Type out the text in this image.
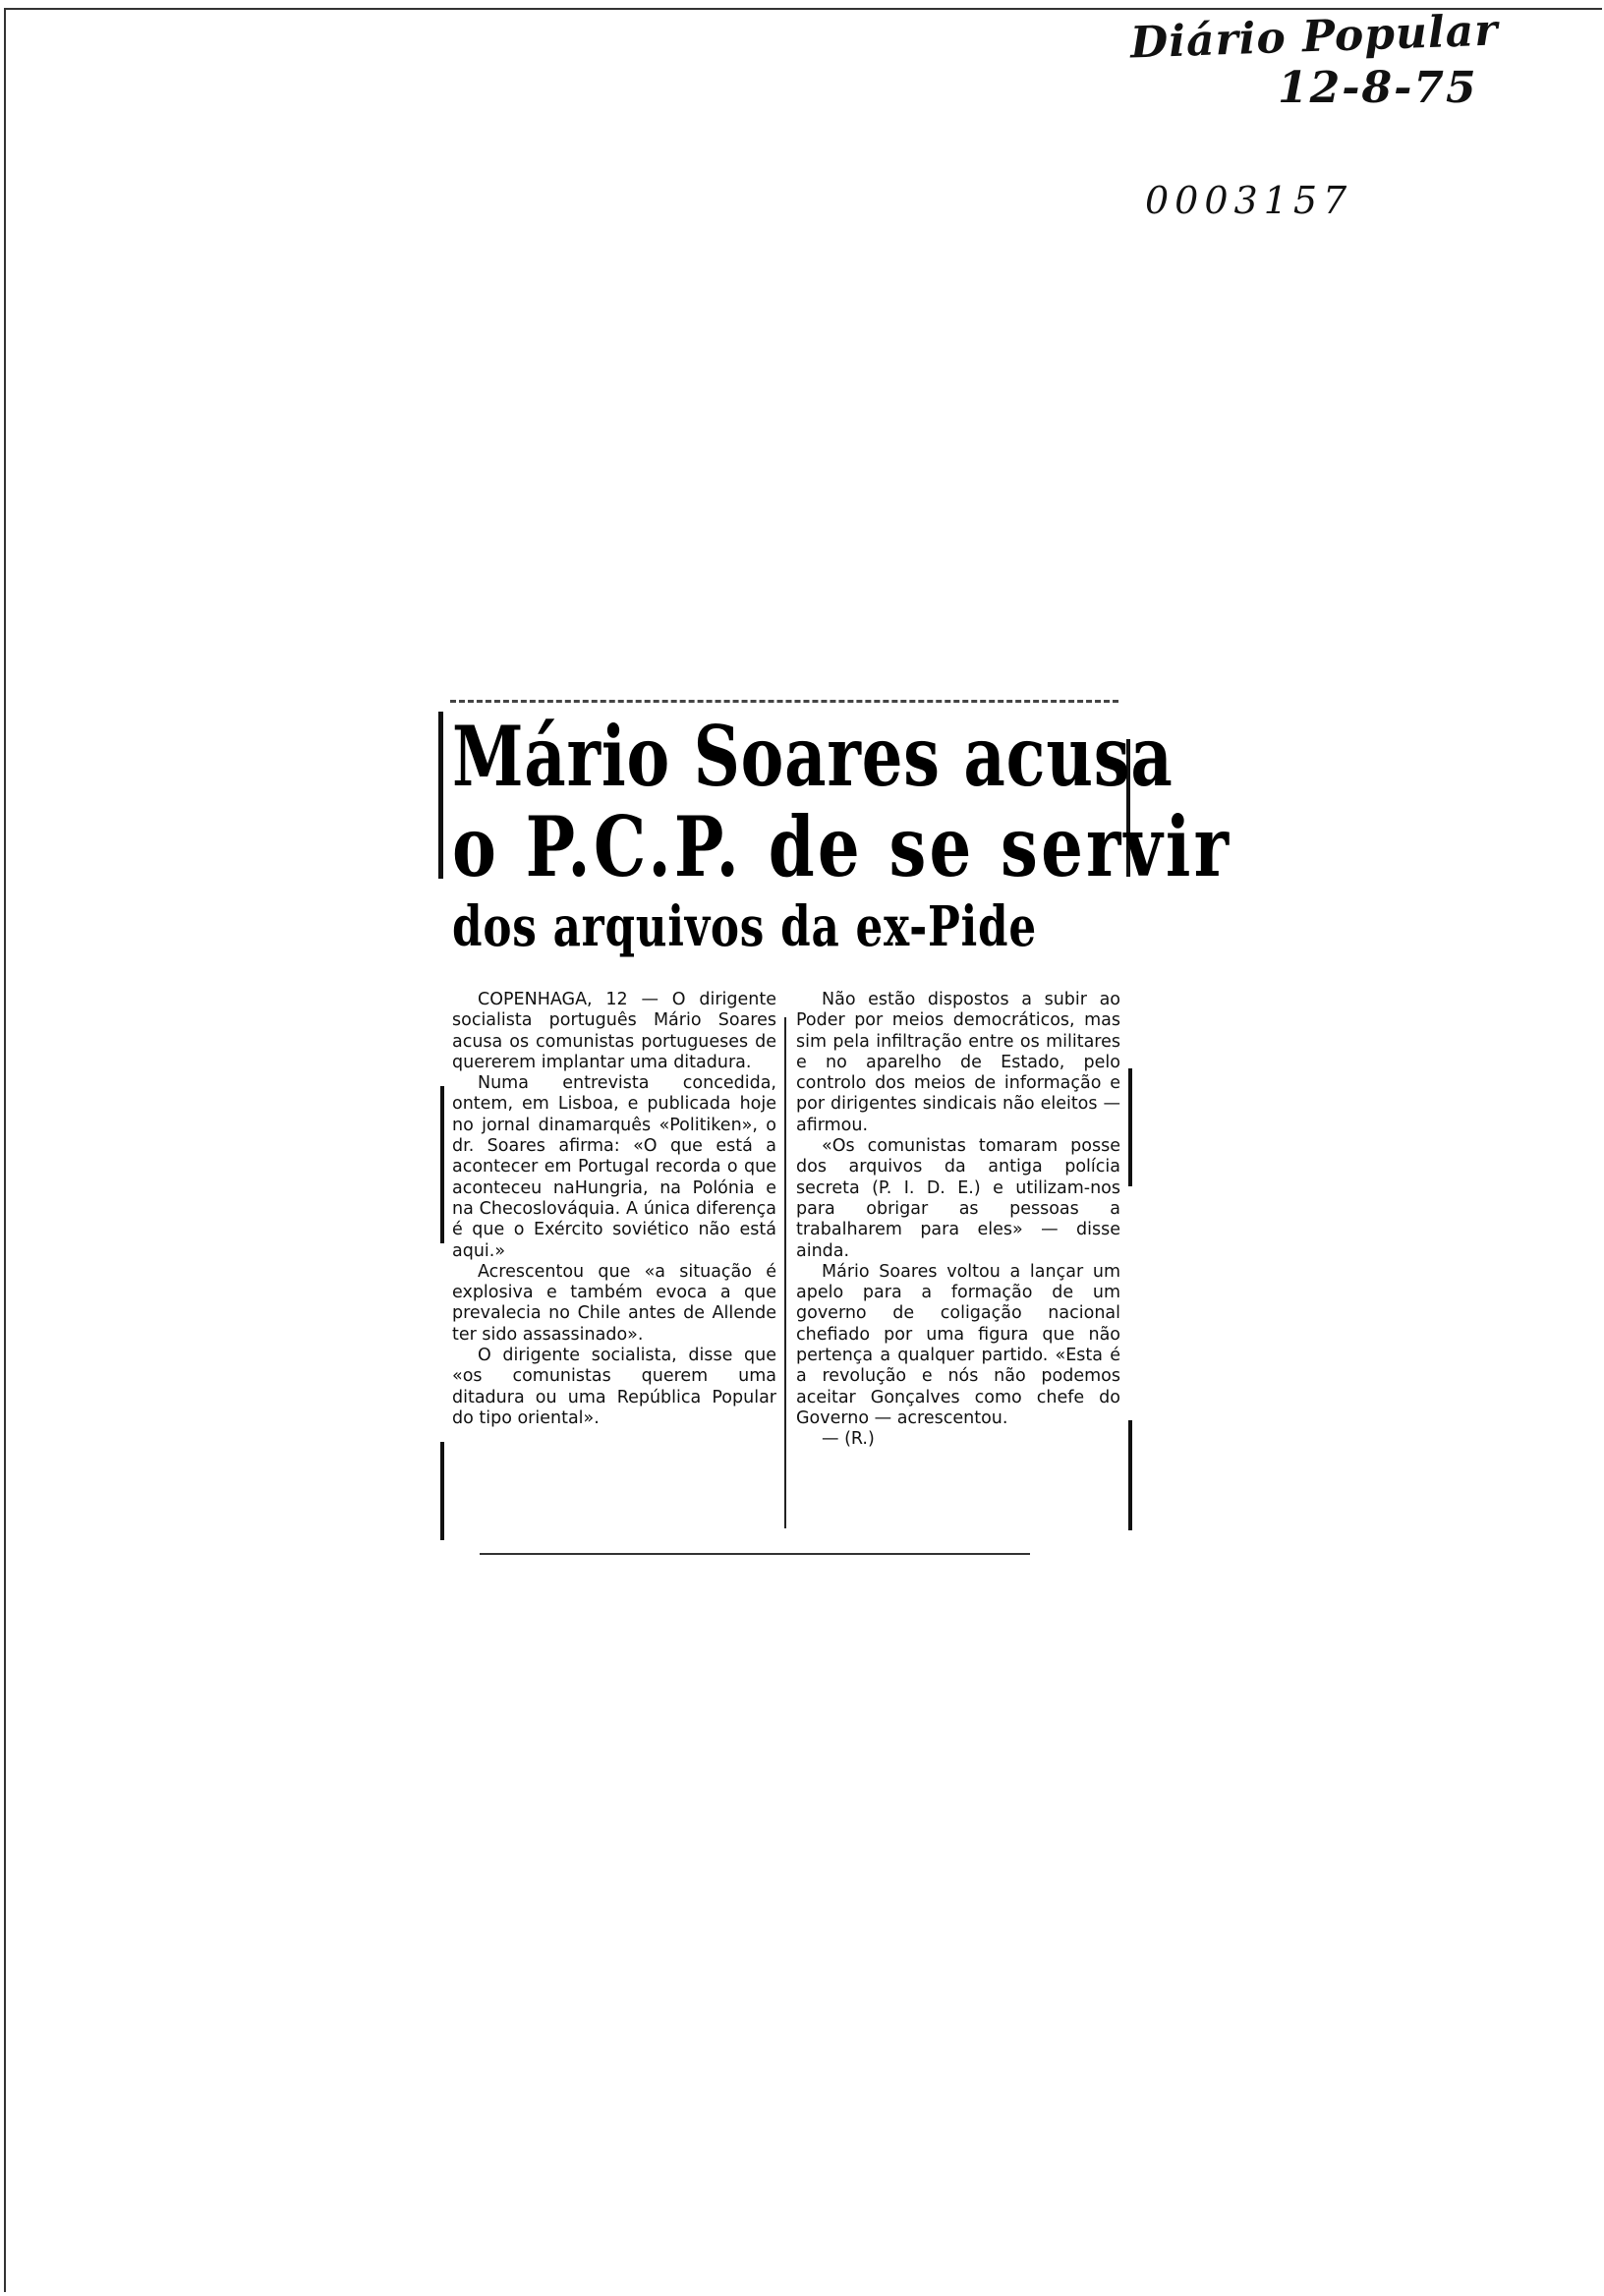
Diário Popular
12-8-75
0003157
Mário Soares acusa
o P.C.P. de se servir
dos arquivos da ex-Pide

COPENHAGA, 12 — O dirigente socialista português Mário Soares acusa os comunistas portugueses de quererem implantar uma ditadura.

Numa entrevista concedida, ontem, em Lisboa, e publicada hoje no jornal dinamarquês «Politiken», o dr. Soares afirma: «O que está a acontecer em Portugal recorda o que aconteceu naHungria, na Polónia e na Checoslováquia. A única diferença é que o Exército soviético não está aqui.»

Acrescentou que «a situação é explosiva e também evoca a que prevalecia no Chile antes de Allende ter sido assassinado».

O dirigente socialista, disse que «os comunistas querem uma ditadura ou uma República Popular do tipo oriental».

Não estão dispostos a subir ao Poder por meios democráticos, mas sim pela infiltração entre os militares e no aparelho de Estado, pelo controlo dos meios de informação e por dirigentes sindicais não eleitos — afirmou.

«Os comunistas tomaram posse dos arquivos da antiga polícia secreta (P. I. D. E.) e utilizam-nos para obrigar as pessoas a trabalharem para eles» — disse ainda.

Mário Soares voltou a lançar um apelo para a formação de um governo de coligação nacional chefiado por uma figura que não pertença a qualquer partido. «Esta é a revolução e nós não podemos aceitar Gonçalves como chefe do Governo — acrescentou.

— (R.)
